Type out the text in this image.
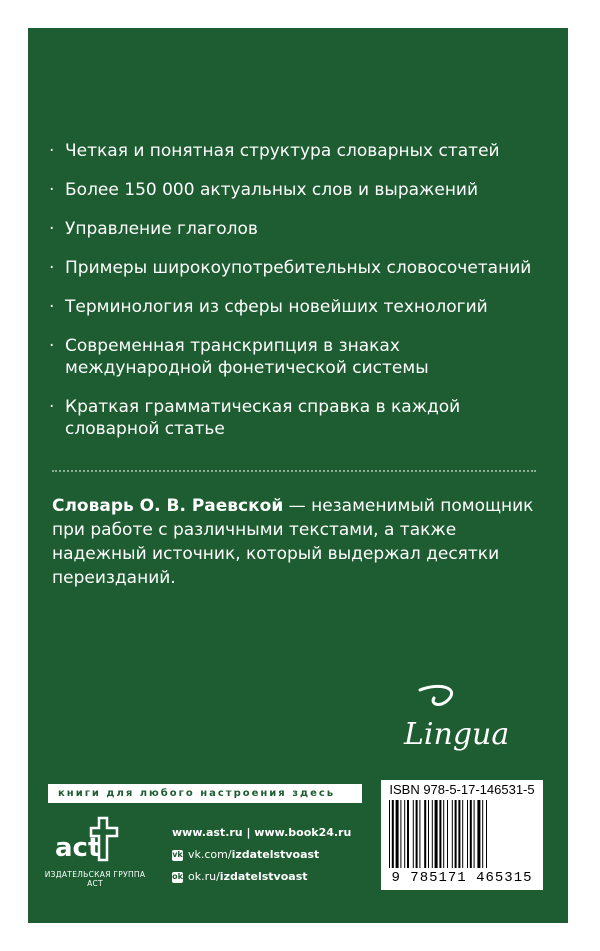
· Четкая и понятная структура словарных статей
· Более 150 000 актуальных слов и выражений
· Управление глаголов
· Примеры широкоупотребительных словосочетаний
· Терминология из сферы новейших технологий
· Современная транскрипция в знаках международной фонетической системы
· Краткая грамматическая справка в каждой словарной статье

Словарь О. В. Раевской — незаменимый помощник при работе с различными текстами, а также надежный источник, который выдержал десятки переизданий.

Lingua
книги для любого настроения здесь
act
ИЗДАТЕЛЬСКАЯ ГРУППА АСТ
www.ast.ru | www.book24.ru
vk vk.com/ izdatelstvoast
ok ok.ru/ izdatelstvoast
ISBN 978-5-17-146531-5
9 785171 465315
